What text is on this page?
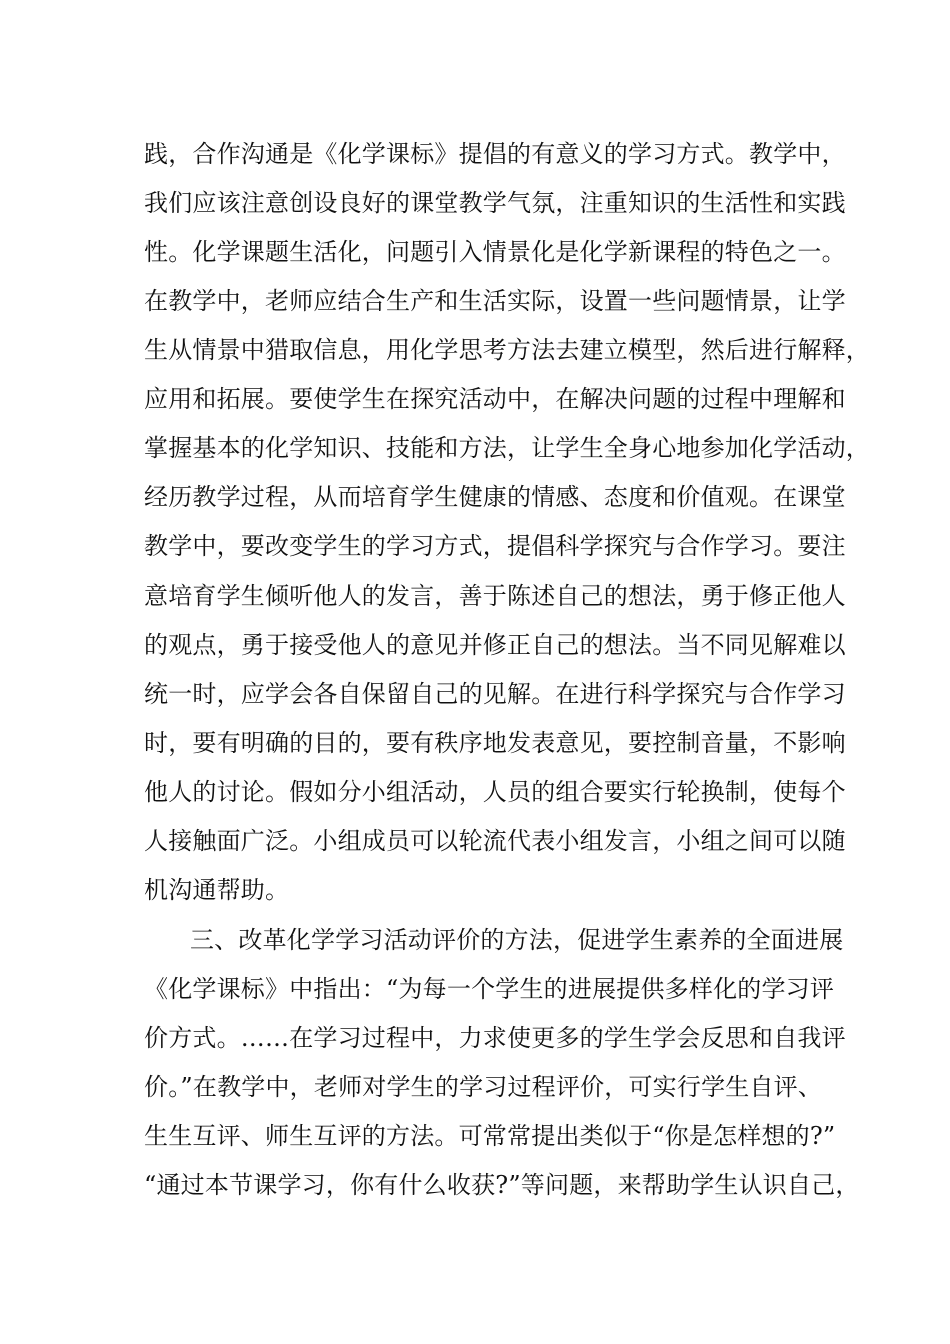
践，合作沟通是《化学课标》提倡的有意义的学习方式。教学中，
我们应该注意创设良好的课堂教学气氛，注重知识的生活性和实践
性。化学课题生活化，问题引入情景化是化学新课程的特色之一。
在教学中，老师应结合生产和生活实际，设置一些问题情景，让学
生从情景中猎取信息，用化学思考方法去建立模型，然后进行解释，
应用和拓展。要使学生在探究活动中，在解决问题的过程中理解和
掌握基本的化学知识、技能和方法，让学生全身心地参加化学活动，
经历教学过程，从而培育学生健康的情感、态度和价值观。在课堂
教学中，要改变学生的学习方式，提倡科学探究与合作学习。要注
意培育学生倾听他人的发言，善于陈述自己的想法，勇于修正他人
的观点，勇于接受他人的意见并修正自己的想法。当不同见解难以
统一时，应学会各自保留自己的见解。在进行科学探究与合作学习
时，要有明确的目的，要有秩序地发表意见，要控制音量，不影响
他人的讨论。假如分小组活动，人员的组合要实行轮换制，使每个
人接触面广泛。小组成员可以轮流代表小组发言，小组之间可以随
机沟通帮助。
三、改革化学学习活动评价的方法，促进学生素养的全面进展
《化学课标》中指出：“为每一个学生的进展提供多样化的学习评
价方式。……在学习过程中，力求使更多的学生学会反思和自我评
价。”在教学中，老师对学生的学习过程评价，可实行学生自评、
生生互评、师生互评的方法。可常常提出类似于“你是怎样想的?”
“通过本节课学习，你有什么收获?”等问题，来帮助学生认识自己，
